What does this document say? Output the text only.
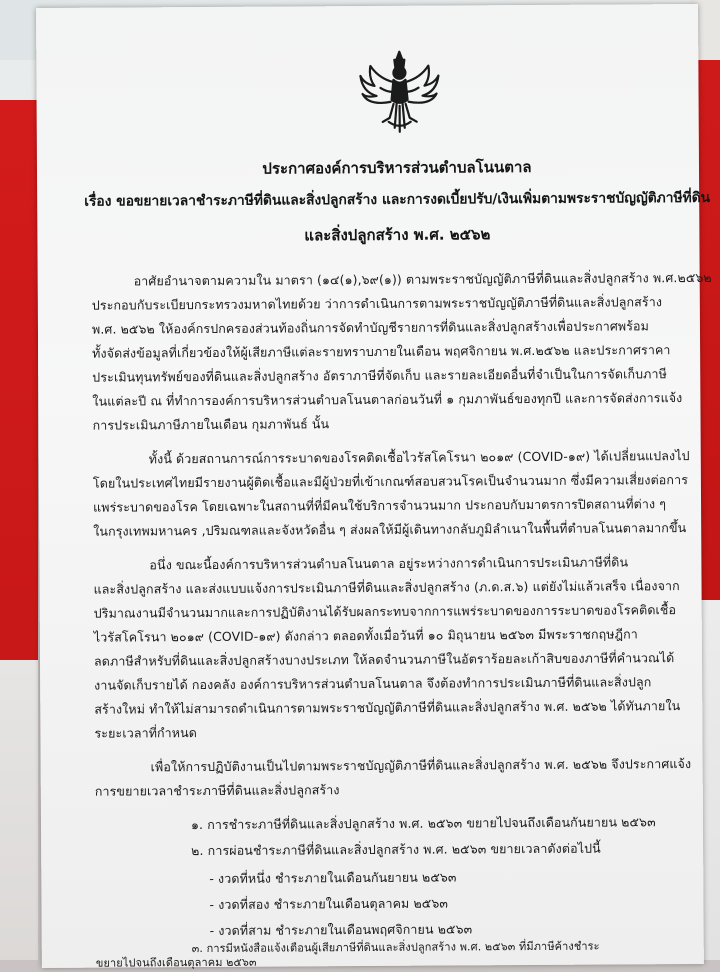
ประกาศองค์การบริหารส่วนตำบลโนนตาล
เรื่อง ขอขยายเวลาชำระภาษีที่ดินและสิ่งปลูกสร้าง และการงดเบี้ยปรับ/เงินเพิ่มตามพระราชบัญญัติภาษีที่ดิน
และสิ่งปลูกสร้าง พ.ศ. ๒๕๖๒
อาศัยอำนาจตามความใน มาตรา (๑๔(๑),๖๙(๑)) ตามพระราชบัญญัติภาษีที่ดินและสิ่งปลูกสร้าง พ.ศ.๒๕๖๒
ประกอบกับระเบียบกระทรวงมหาดไทยด้วย ว่าการดำเนินการตามพระราชบัญญัติภาษีที่ดินและสิ่งปลูกสร้าง
พ.ศ. ๒๕๖๒ ให้องค์กรปกครองส่วนท้องถิ่นการจัดทำบัญชีรายการที่ดินและสิ่งปลูกสร้างเพื่อประกาศพร้อม
ทั้งจัดส่งข้อมูลที่เกี่ยวข้องให้ผู้เสียภาษีแต่ละรายทราบภายในเดือน พฤศจิกายน พ.ศ.๒๕๖๒ และประกาศราคา
ประเมินทุนทรัพย์ของที่ดินและสิ่งปลูกสร้าง อัตราภาษีที่จัดเก็บ และรายละเอียดอื่นที่จำเป็นในการจัดเก็บภาษี
ในแต่ละปี ณ ที่ทำการองค์การบริหารส่วนตำบลโนนตาลก่อนวันที่ ๑ กุมภาพันธ์ของทุกปี และการจัดส่งการแจ้ง
การประเมินภาษีภายในเดือน กุมภาพันธ์ นั้น
ทั้งนี้ ด้วยสถานการณ์การระบาดของโรคติดเชื้อไวรัสโคโรนา ๒๐๑๙ (COVID-๑๙) ได้เปลี่ยนแปลงไป
โดยในประเทศไทยมีรายงานผู้ติดเชื้อและมีผู้ป่วยที่เข้าเกณฑ์สอบสวนโรคเป็นจำนวนมาก ซึ่งมีความเสี่ยงต่อการ
แพร่ระบาดของโรค โดยเฉพาะในสถานที่ที่มีคนใช้บริการจำนวนมาก ประกอบกับมาตรการปิดสถานที่ต่าง ๆ
ในกรุงเทพมหานคร ,ปริมณฑลและจังหวัดอื่น ๆ ส่งผลให้มีผู้เดินทางกลับภูมิลำเนาในพื้นที่ตำบลโนนตาลมากขึ้น
อนึ่ง ขณะนี้องค์การบริหารส่วนตำบลโนนตาล อยู่ระหว่างการดำเนินการประเมินภาษีที่ดิน
และสิ่งปลูกสร้าง และส่งแบบแจ้งการประเมินภาษีที่ดินและสิ่งปลูกสร้าง (ภ.ด.ส.๖) แต่ยังไม่แล้วเสร็จ เนื่องจาก
ปริมาณงานมีจำนวนมากและการปฏิบัติงานได้รับผลกระทบจากการแพร่ระบาดของการระบาดของโรคติดเชื้อ
ไวรัสโคโรนา ๒๐๑๙ (COVID-๑๙) ดังกล่าว ตลอดทั้งเมื่อวันที่ ๑๐ มิถุนายน ๒๕๖๓ มีพระราชกฤษฎีกา
ลดภาษีสำหรับที่ดินและสิ่งปลูกสร้างบางประเภท ให้ลดจำนวนภาษีในอัตราร้อยละเก้าสิบของภาษีที่คำนวณได้
งานจัดเก็บรายได้ กองคลัง องค์การบริหารส่วนตำบลโนนตาล จึงต้องทำการประเมินภาษีที่ดินและสิ่งปลูก
สร้างใหม่ ทำให้ไม่สามารถดำเนินการตามพระราชบัญญัติภาษีที่ดินและสิ่งปลูกสร้าง พ.ศ. ๒๕๖๒ ได้ทันภายใน
ระยะเวลาที่กำหนด
เพื่อให้การปฏิบัติงานเป็นไปตามพระราชบัญญัติภาษีที่ดินและสิ่งปลูกสร้าง พ.ศ. ๒๕๖๒ จึงประกาศแจ้ง
การขยายเวลาชำระภาษีที่ดินและสิ่งปลูกสร้าง
๑. การชำระภาษีที่ดินและสิ่งปลูกสร้าง พ.ศ. ๒๕๖๓ ขยายไปจนถึงเดือนกันยายน ๒๕๖๓
๒. การผ่อนชำระภาษีที่ดินและสิ่งปลูกสร้าง พ.ศ. ๒๕๖๓ ขยายเวลาดังต่อไปนี้
- งวดที่หนึ่ง ชำระภายในเดือนกันยายน ๒๕๖๓
- งวดที่สอง ชำระภายในเดือนตุลาคม ๒๕๖๓
- งวดที่สาม ชำระภายในเดือนพฤศจิกายน ๒๕๖๓
๓. การมีหนังสือแจ้งเตือนผู้เสียภาษีที่ดินและสิ่งปลูกสร้าง พ.ศ. ๒๕๖๓ ที่มีภาษีค้างชำระ
ขยายไปจนถึงเดือนตุลาคม ๒๕๖๓
